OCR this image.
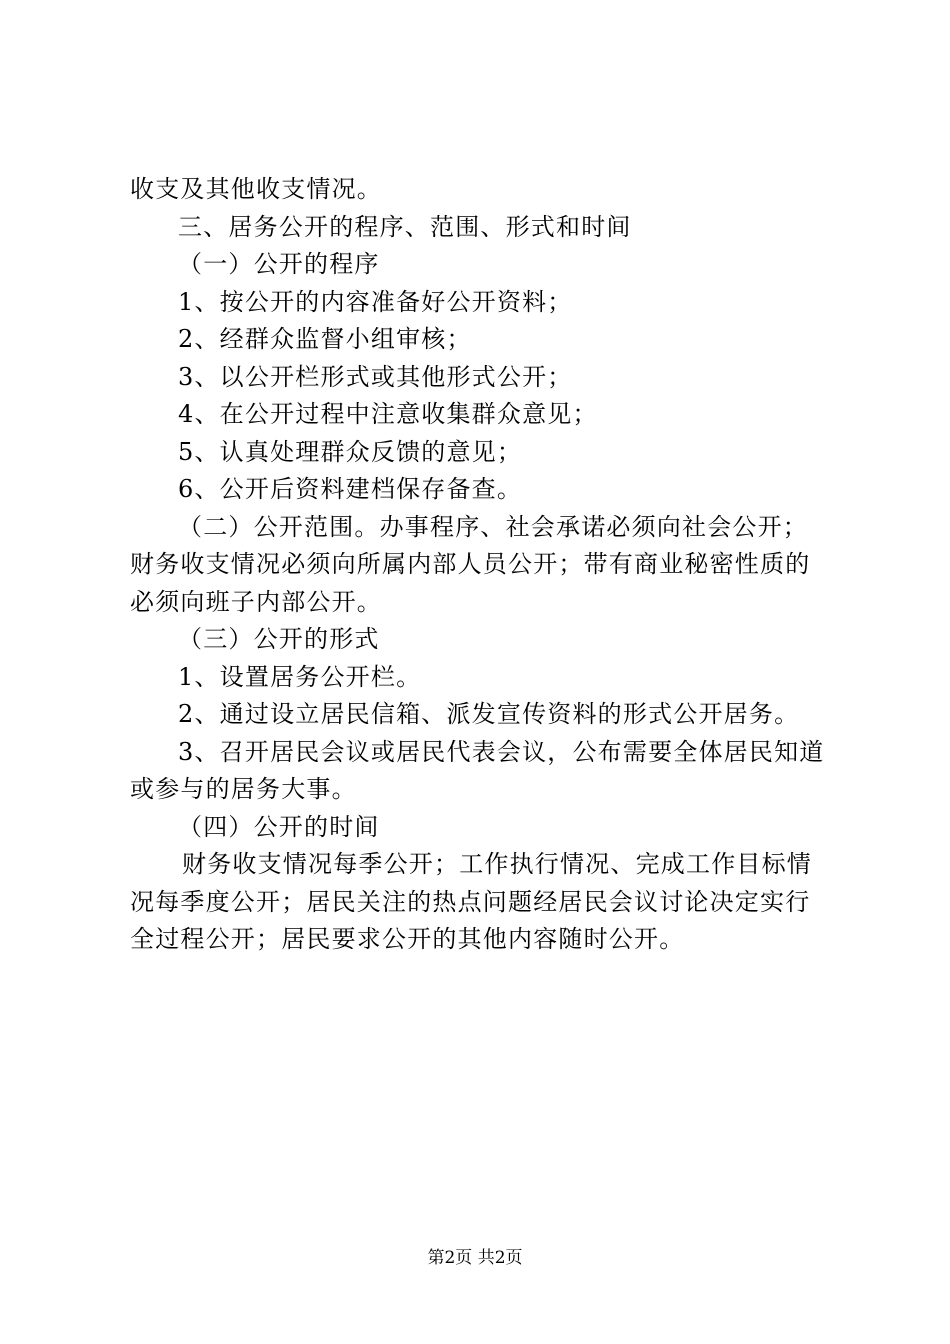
收支及其他收支情况。
三、居务公开的程序、范围、形式和时间
（一）公开的程序
1、按公开的内容准备好公开资料；
2、经群众监督小组审核；
3、以公开栏形式或其他形式公开；
4、在公开过程中注意收集群众意见；
5、认真处理群众反馈的意见；
6、公开后资料建档保存备查。
（二）公开范围。办事程序、社会承诺必须向社会公开；
财务收支情况必须向所属内部人员公开；带有商业秘密性质的
必须向班子内部公开。
（三）公开的形式
1、设置居务公开栏。
2、通过设立居民信箱、派发宣传资料的形式公开居务。
3、召开居民会议或居民代表会议，公布需要全体居民知道
或参与的居务大事。
（四）公开的时间
财务收支情况每季公开；工作执行情况、完成工作目标情
况每季度公开；居民关注的热点问题经居民会议讨论决定实行
全过程公开；居民要求公开的其他内容随时公开。
第2页 共2页
